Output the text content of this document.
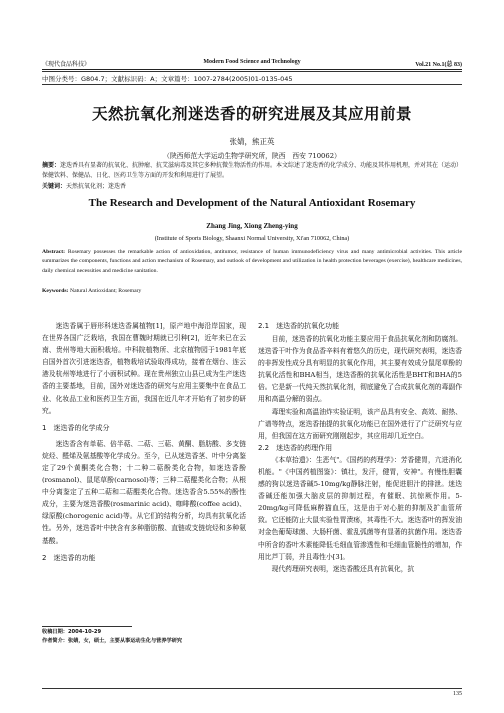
《现代食品科技》	Modern Food Science and Technology	Vol.21 No.1(总 83)
中图分类号：G804.7；文献标识码：A；文章篇号：1007-2784(2005)01-0135-045
天然抗氧化剂迷迭香的研究进展及其应用前景
张婧，熊正英
（陕西师范大学运动生物学研究所，陕西　西安 710062）
摘要：迷迭香具有显著的抗氧化、抗肿瘤、抗艾滋病毒及其它多种抗微生物活性的作用。本文综述了迷迭香的化学成分、功能及其作用机理，并对其在（运动）保健饮料、保健品、日化、医药卫生等方面的开发和利用进行了展望。
关键词：天然抗氧化剂；迷迭香
The Research and Development of the Natural Antioxidant Rosemary
Zhang Jing, Xiong Zheng-ying
(Institute of Sports Biology, Shaanxi Normal University, Xi'an 710062, China)
Abstract: Rosemary possesses the remarkable action of antioxidation, antitumor, resistance of human immunodeficiency virus and many antimicrobial activities. This article summarizes the components, functions and action mechanism of Rosemary, and outlook of development and utilization in health protection beverages (exercise), healthcare medicines, daily chemical necessities and medicine sanitation.
Keywords: Natural Antioxidant; Rosemary

迷迭香属于唇形科迷迭香属植物[1]，原产地中海沿岸国家，现在世界各国广泛栽培，我国在曹魏时期就已引种[2]，近年来已在云南、贵州等地大面积栽培。中科院植物所、北京植物园于1981年底自国外首次引进迷迭香，植物栽培试验取得成功，接着在烟台、连云港及杭州等地进行了小面积试种。现在贵州独立山县已成为生产迷迭香的主要基地，目前，国外对迷迭香的研究与应用主要集中在食品工业、化妆品工业和医药卫生方面，我国在近几年才开始有了初步的研究。

1　迷迭香的化学成分

迷迭香含有单萜、倍半萜、二萜、三萜、黄酮、脂肪酸、多支链烷烃、醛烯及氨基酸等化学成分。至今，已从迷迭香茎、叶中分离鉴定了29个黄酮类化合物；十二种二萜酚类化合物，如迷迭香酚(rosmanol)、鼠尾草酚(carnosol)等；三种二萜醌类化合物；从根中分离鉴定了五种二萜和二萜醌类化合物。迷迭香含5.55%的酚性成分，主要为迷迭香酸(rosmarinic acid)、咖啡酸(coffee acid)、绿原酸(chorogenic acid)等。从它们的结构分析，均具有抗氧化活性。另外，迷迭香叶中挟含有多种脂肪酸、直链或支链烷烃和多种氨基酸。

2　迷迭香的功能

收稿日期：2004-10-29
作者简介：张婧，女，硕士，主要从事运动生化与营养学研究

2.1　迷迭香的抗氧化功能

目前，迷迭香的抗氧化功能主要应用于食品抗氧化剂和防腐剂。迷迭香干叶作为食品香辛料有着悠久的历史，现代研究表明，迷迭香的非挥发性成分具有明显的抗氧化作用，其主要有效成分鼠尾草酚的抗氧化活性和BHA相当，迷迭香酚的抗氧化活性是BHT和BHA的5倍。它是新一代纯天然抗氧化剂，彻底避免了合成抗氧化剂的毒副作用和高温分解的弱点。

毒理实验和高温油炸实验证明，该产品具有安全、高效、耐热、广谱等特点，迷迭香抽提的抗氧化功能已在国外进行了广泛研究与应用，但我国在这方面研究刚刚起步，其应用却几近空白。

2.2　迷迭香的药理作用

《本草拾遗》：生恶气"。《国药的药理学》：芳香健胃，亢进消化机能。"《中国药植图鉴》：镇壮，发汗，健胃，安神"。有慢性胆囊感的狗以迷迭香碱5-10mg/kg静脉注射，能促进胆汁的排泄。迷迭香碱还能加强大脑皮层的抑制过程，有催眠、抗惊厥作用。5-20mg/kg可降低麻醉猫血压，这是由于对心脏的抑制及扩血管所致。它还能防止大鼠实验性胃溃疡，其毒性不大。迷迭香叶的挥发油对金色葡萄球菌、大肠杆菌、霍乱弧菌等有显著的抗菌作用。迷迭香中所含的香叶木素能降低毛细血管渗透性和毛细血管脆性的增加，作用比芦丁弱，并且毒性小[3]。

现代药理研究表明，迷迭香酸还具有抗氧化，抗

135
